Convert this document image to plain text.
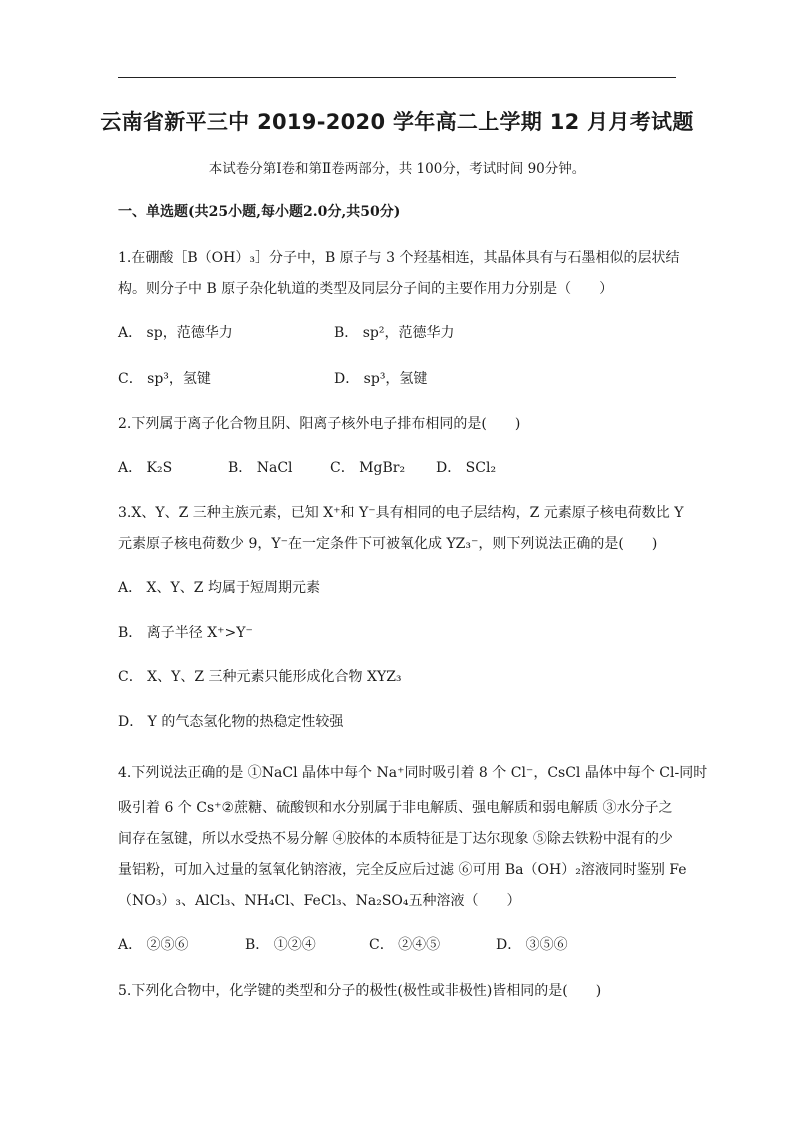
云南省新平三中 2019-2020 学年高二上学期 12 月月考试题
本试卷分第Ⅰ卷和第Ⅱ卷两部分，共 100分，考试时间 90分钟。
一、单选题(共25小题,每小题2.0分,共50分)
1.在硼酸［B（OH）₃］分子中，B 原子与 3 个羟基相连，其晶体具有与石墨相似的层状结
构。则分子中 B 原子杂化轨道的类型及同层分子间的主要作用力分别是（　　）
A． sp，范德华力	B． sp²，范德华力
C． sp³，氢键	D． sp³，氢键
2.下列属于离子化合物且阴、阳离子核外电子排布相同的是(　　)
A． K₂S	B． NaCl	C． MgBr₂ D． SCl₂
3.X、Y、Z 三种主族元素，已知 X⁺和 Y⁻具有相同的电子层结构，Z 元素原子核电荷数比 Y
元素原子核电荷数少 9，Y⁻在一定条件下可被氧化成 YZ₃⁻，则下列说法正确的是(　　)
A． X、Y、Z 均属于短周期元素
B． 离子半径 X⁺>Y⁻
C． X、Y、Z 三种元素只能形成化合物 XYZ₃
D． Y 的气态氢化物的热稳定性较强
4.下列说法正确的是 ①NaCl 晶体中每个 Na⁺同时吸引着 8 个 Cl⁻，CsCl 晶体中每个 Cl-同时
吸引着 6 个 Cs⁺②蔗糖、硫酸钡和水分别属于非电解质、强电解质和弱电解质 ③水分子之
间存在氢键，所以水受热不易分解 ④胶体的本质特征是丁达尔现象 ⑤除去铁粉中混有的少
量铝粉，可加入过量的氢氧化钠溶液，完全反应后过滤 ⑥可用 Ba（OH）₂溶液同时鉴别 Fe
（NO₃）₃、AlCl₃、NH₄Cl、FeCl₃、Na₂SO₄五种溶液（　　）
A． ②⑤⑥	B． ①②④	C． ②④⑤	D． ③⑤⑥
5.下列化合物中，化学键的类型和分子的极性(极性或非极性)皆相同的是(　　)
